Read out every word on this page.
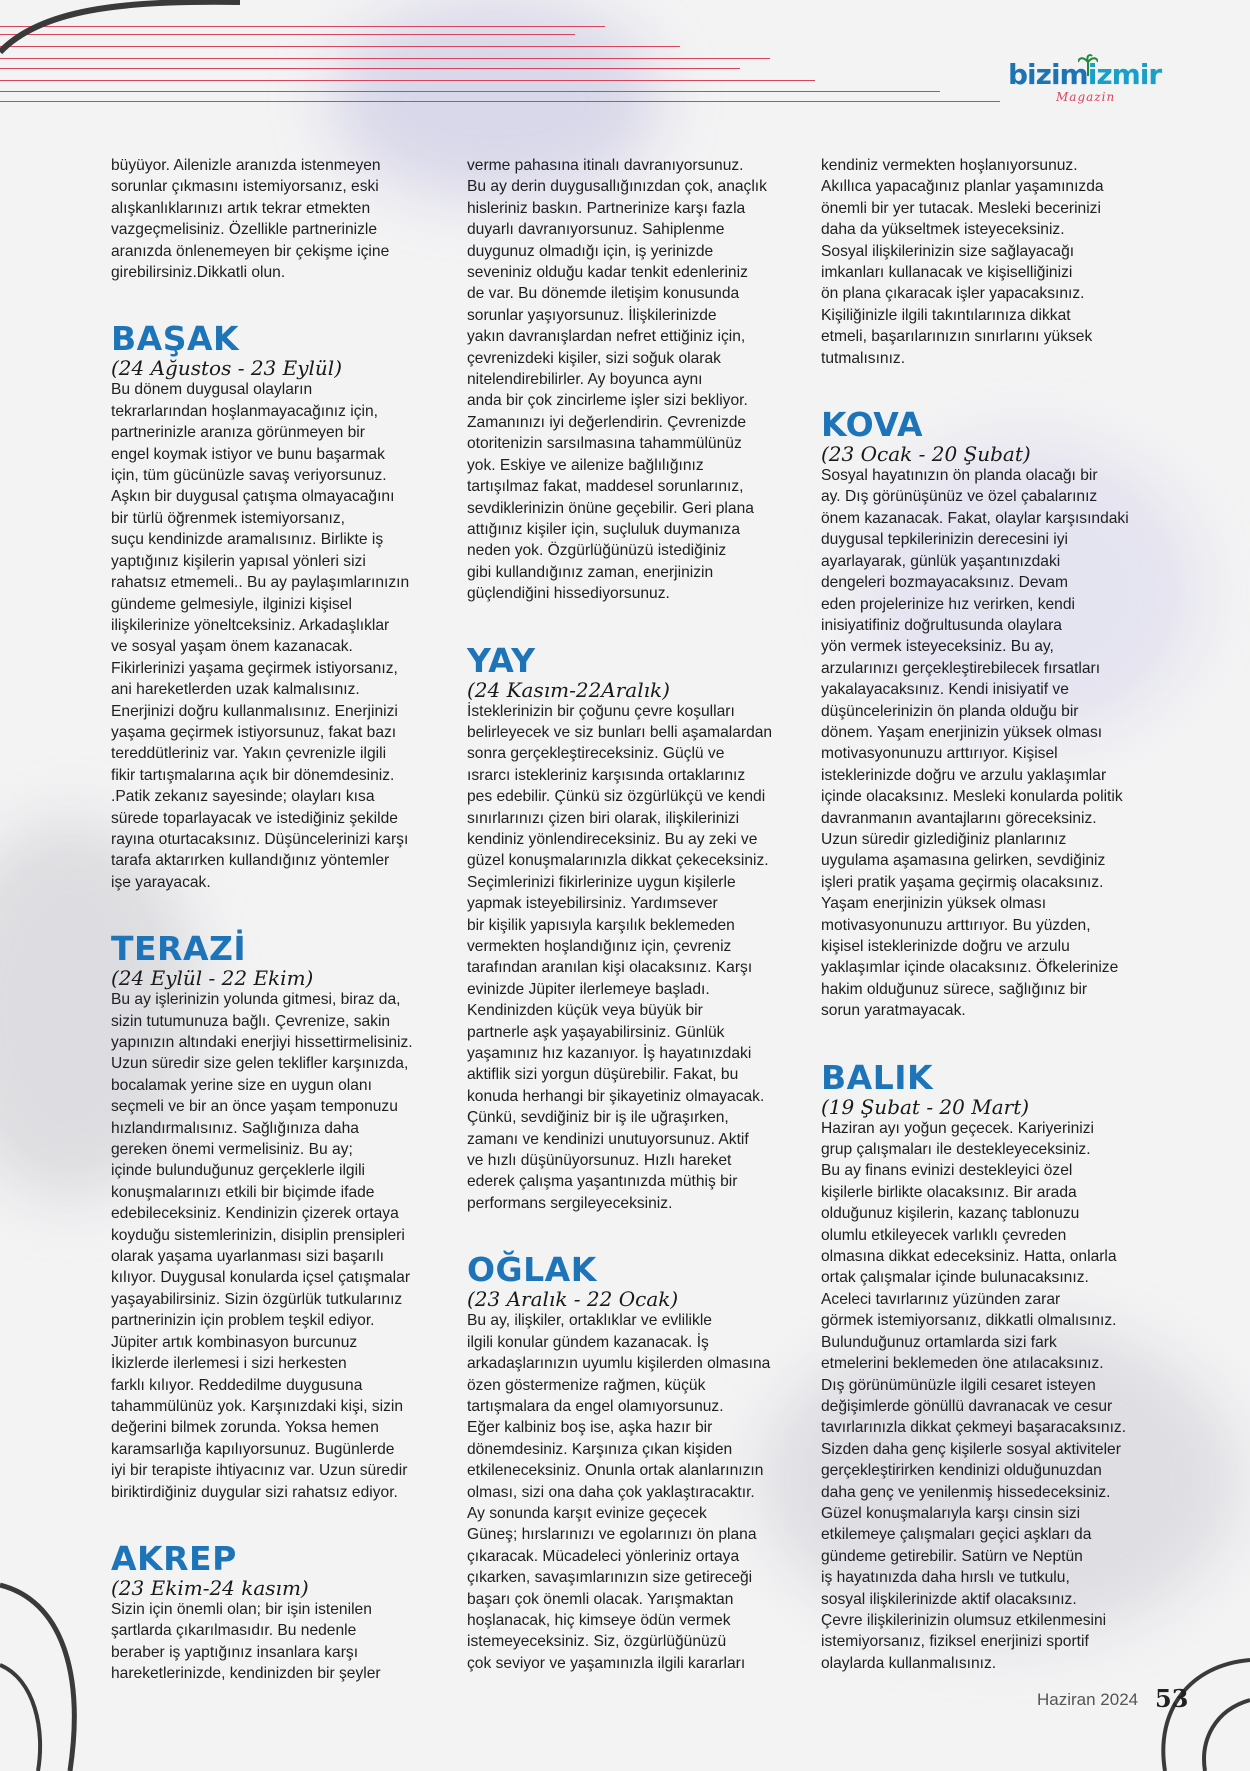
bizimizmir
Magazin

büyüyor. Ailenizle aranızda istenmeyen
sorunlar çıkmasını istemiyorsanız, eski
alışkanlıklarınızı artık tekrar etmekten
vazgeçmelisiniz. Özellikle partnerinizle
aranızda önlenemeyen bir çekişme içine
girebilirsiniz.Dikkatli olun.

BAŞAK
(24 Ağustos - 23 Eylül)

Bu dönem duygusal olayların
tekrarlarından hoşlanmayacağınız için,
partnerinizle aranıza görünmeyen bir
engel koymak istiyor ve bunu başarmak
için, tüm gücünüzle savaş veriyorsunuz.
Aşkın bir duygusal çatışma olmayacağını
bir türlü öğrenmek istemiyorsanız,
suçu kendinizde aramalısınız. Birlikte iş
yaptığınız kişilerin yapısal yönleri sizi
rahatsız etmemeli.. Bu ay paylaşımlarınızın
gündeme gelmesiyle, ilginizi kişisel
ilişkilerinize yöneltceksiniz. Arkadaşlıklar
ve sosyal yaşam önem kazanacak.
Fikirlerinizi yaşama geçirmek istiyorsanız,
ani hareketlerden uzak kalmalısınız.
Enerjinizi doğru kullanmalısınız. Enerjinizi
yaşama geçirmek istiyorsunuz, fakat bazı
tereddütleriniz var. Yakın çevrenizle ilgili
fikir tartışmalarına açık bir dönemdesiniz.
.Patik zekanız sayesinde; olayları kısa
sürede toparlayacak ve istediğiniz şekilde
rayına oturtacaksınız. Düşüncelerinizi karşı
tarafa aktarırken kullandığınız yöntemler
işe yarayacak.

TERAZİ
(24 Eylül - 22 Ekim)

Bu ay işlerinizin yolunda gitmesi, biraz da,
sizin tutumunuza bağlı. Çevrenize, sakin
yapınızın altındaki enerjiyi hissettirmelisiniz.
Uzun süredir size gelen teklifler karşınızda,
bocalamak yerine size en uygun olanı
seçmeli ve bir an önce yaşam temponuzu
hızlandırmalısınız. Sağlığınıza daha
gereken önemi vermelisiniz. Bu ay;
içinde bulunduğunuz gerçeklerle ilgili
konuşmalarınızı etkili bir biçimde ifade
edebileceksiniz. Kendinizin çizerek ortaya
koyduğu sistemlerinizin, disiplin prensipleri
olarak yaşama uyarlanması sizi başarılı
kılıyor. Duygusal konularda içsel çatışmalar
yaşayabilirsiniz. Sizin özgürlük tutkularınız
partnerinizin için problem teşkil ediyor.
Jüpiter artık kombinasyon burcunuz
İkizlerde ilerlemesi i sizi herkesten
farklı kılıyor. Reddedilme duygusuna
tahammülünüz yok. Karşınızdaki kişi, sizin
değerini bilmek zorunda. Yoksa hemen
karamsarlığa kapılıyorsunuz. Bugünlerde
iyi bir terapiste ihtiyacınız var. Uzun süredir
biriktirdiğiniz duygular sizi rahatsız ediyor.

AKREP
(23 Ekim-24 kasım)

Sizin için önemli olan; bir işin istenilen
şartlarda çıkarılmasıdır. Bu nedenle
beraber iş yaptığınız insanlara karşı
hareketlerinizde, kendinizden bir şeyler

verme pahasına itinalı davranıyorsunuz.
Bu ay derin duygusallığınızdan çok, anaçlık
hisleriniz baskın. Partnerinize karşı fazla
duyarlı davranıyorsunuz. Sahiplenme
duygunuz olmadığı için, iş yerinizde
seveniniz olduğu kadar tenkit edenleriniz
de var. Bu dönemde iletişim konusunda
sorunlar yaşıyorsunuz. İlişkilerinizde
yakın davranışlardan nefret ettiğiniz için,
çevrenizdeki kişiler, sizi soğuk olarak
nitelendirebilirler. Ay boyunca aynı
anda bir çok zincirleme işler sizi bekliyor.
Zamanınızı iyi değerlendirin. Çevrenizde
otoritenizin sarsılmasına tahammülünüz
yok. Eskiye ve ailenize bağlılığınız
tartışılmaz fakat, maddesel sorunlarınız,
sevdiklerinizin önüne geçebilir. Geri plana
attığınız kişiler için, suçluluk duymanıza
neden yok. Özgürlüğünüzü istediğiniz
gibi kullandığınız zaman, enerjinizin
güçlendiğini hissediyorsunuz.

YAY
(24 Kasım-22Aralık)

İsteklerinizin bir çoğunu çevre koşulları
belirleyecek ve siz bunları belli aşamalardan
sonra gerçekleştireceksiniz. Güçlü ve
ısrarcı istekleriniz karşısında ortaklarınız
pes edebilir. Çünkü siz özgürlükçü ve kendi
sınırlarınızı çizen biri olarak, ilişkilerinizi
kendiniz yönlendireceksiniz. Bu ay zeki ve
güzel konuşmalarınızla dikkat çekeceksiniz.
Seçimlerinizi fikirlerinize uygun kişilerle
yapmak isteyebilirsiniz. Yardımsever
bir kişilik yapısıyla karşılık beklemeden
vermekten hoşlandığınız için, çevreniz
tarafından aranılan kişi olacaksınız. Karşı
evinizde Jüpiter ilerlemeye başladı.
Kendinizden küçük veya büyük bir
partnerle aşk yaşayabilirsiniz. Günlük
yaşamınız hız kazanıyor. İş hayatınızdaki
aktiflik sizi yorgun düşürebilir. Fakat, bu
konuda herhangi bir şikayetiniz olmayacak.
Çünkü, sevdiğiniz bir iş ile uğraşırken,
zamanı ve kendinizi unutuyorsunuz. Aktif
ve hızlı düşünüyorsunuz. Hızlı hareket
ederek çalışma yaşantınızda müthiş bir
performans sergileyeceksiniz.

OĞLAK
(23 Aralık - 22 Ocak)

Bu ay, ilişkiler, ortaklıklar ve evlilikle
ilgili konular gündem kazanacak. İş
arkadaşlarınızın uyumlu kişilerden olmasına
özen göstermenize rağmen, küçük
tartışmalara da engel olamıyorsunuz.
Eğer kalbiniz boş ise, aşka hazır bir
dönemdesiniz. Karşınıza çıkan kişiden
etkileneceksiniz. Onunla ortak alanlarınızın
olması, sizi ona daha çok yaklaştıracaktır.
Ay sonunda karşıt evinize geçecek
Güneş; hırslarınızı ve egolarınızı ön plana
çıkaracak. Mücadeleci yönleriniz ortaya
çıkarken, savaşımlarınızın size getireceği
başarı çok önemli olacak. Yarışmaktan
hoşlanacak, hiç kimseye ödün vermek
istemeyeceksiniz. Siz, özgürlüğünüzü
çok seviyor ve yaşamınızla ilgili kararları

kendiniz vermekten hoşlanıyorsunuz.
Akıllıca yapacağınız planlar yaşamınızda
önemli bir yer tutacak. Mesleki becerinizi
daha da yükseltmek isteyeceksiniz.
Sosyal ilişkilerinizin size sağlayacağı
imkanları kullanacak ve kişiselliğinizi
ön plana çıkaracak işler yapacaksınız.
Kişiliğinizle ilgili takıntılarınıza dikkat
etmeli, başarılarınızın sınırlarını yüksek
tutmalısınız.

KOVA
(23 Ocak - 20 Şubat)

Sosyal hayatınızın ön planda olacağı bir
ay. Dış görünüşünüz ve özel çabalarınız
önem kazanacak. Fakat, olaylar karşısındaki
duygusal tepkilerinizin derecesini iyi
ayarlayarak, günlük yaşantınızdaki
dengeleri bozmayacaksınız. Devam
eden projelerinize hız verirken, kendi
inisiyatifiniz doğrultusunda olaylara
yön vermek isteyeceksiniz. Bu ay,
arzularınızı gerçekleştirebilecek fırsatları
yakalayacaksınız. Kendi inisiyatif ve
düşüncelerinizin ön planda olduğu bir
dönem. Yaşam enerjinizin yüksek olması
motivasyonunuzu arttırıyor. Kişisel
isteklerinizde doğru ve arzulu yaklaşımlar
içinde olacaksınız. Mesleki konularda politik
davranmanın avantajlarını göreceksiniz.
Uzun süredir gizlediğiniz planlarınız
uygulama aşamasına gelirken, sevdiğiniz
işleri pratik yaşama geçirmiş olacaksınız.
Yaşam enerjinizin yüksek olması
motivasyonunuzu arttırıyor. Bu yüzden,
kişisel isteklerinizde doğru ve arzulu
yaklaşımlar içinde olacaksınız. Öfkelerinize
hakim olduğunuz sürece, sağlığınız bir
sorun yaratmayacak.

BALIK
(19 Şubat - 20 Mart)

Haziran ayı yoğun geçecek. Kariyerinizi
grup çalışmaları ile destekleyeceksiniz.
Bu ay finans evinizi destekleyici özel
kişilerle birlikte olacaksınız. Bir arada
olduğunuz kişilerin, kazanç tablonuzu
olumlu etkileyecek varlıklı çevreden
olmasına dikkat edeceksiniz. Hatta, onlarla
ortak çalışmalar içinde bulunacaksınız.
Aceleci tavırlarınız yüzünden zarar
görmek istemiyorsanız, dikkatli olmalısınız.
Bulunduğunuz ortamlarda sizi fark
etmelerini beklemeden öne atılacaksınız.
Dış görünümünüzle ilgili cesaret isteyen
değişimlerde gönüllü davranacak ve cesur
tavırlarınızla dikkat çekmeyi başaracaksınız.
Sizden daha genç kişilerle sosyal aktiviteler
gerçekleştirirken kendinizi olduğunuzdan
daha genç ve yenilenmiş hissedeceksiniz.
Güzel konuşmalarıyla karşı cinsin sizi
etkilemeye çalışmaları geçici aşkları da
gündeme getirebilir. Satürn ve Neptün
iş hayatınızda daha hırslı ve tutkulu,
sosyal ilişkilerinizde aktif olacaksınız.
Çevre ilişkilerinizin olumsuz etkilenmesini
istemiyorsanız, fiziksel enerjinizi sportif
olaylarda kullanmalısınız.

Haziran 2024 53
